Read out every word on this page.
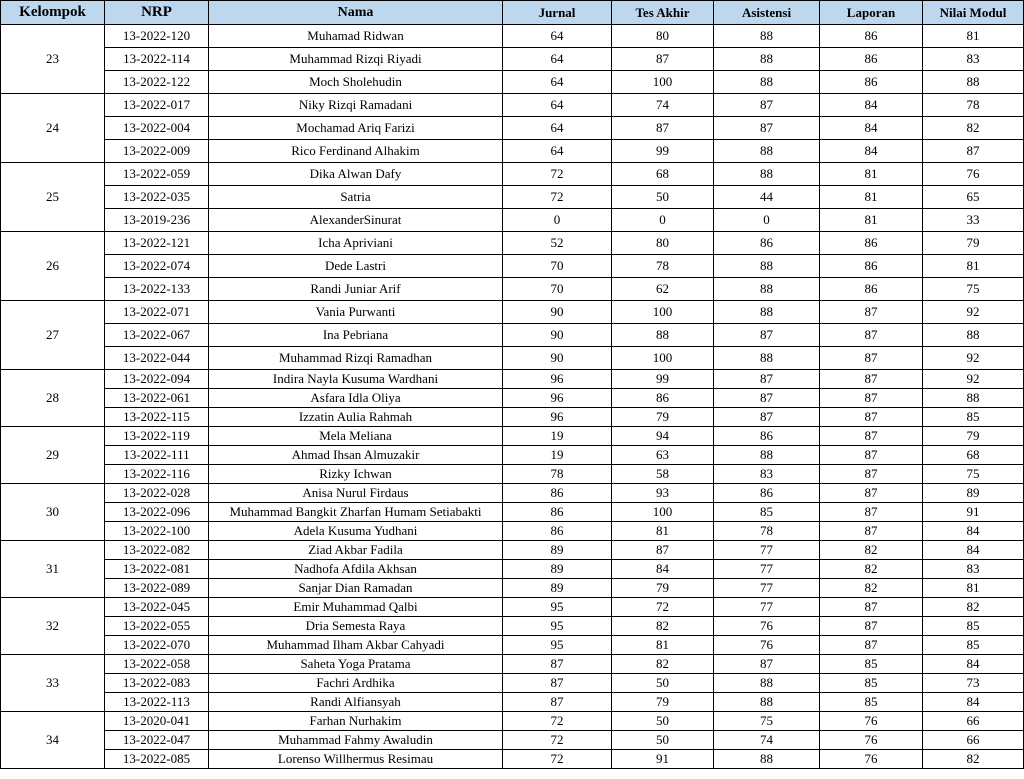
Kelompok	NRP	Nama	Jurnal	Tes Akhir	Asistensi	Laporan	Nilai Modul
23	13-2022-120	Muhamad Ridwan	64	80	88	86	81
	13-2022-114	Muhammad Rizqi Riyadi	64	87	88	86	83
	13-2022-122	Moch Sholehudin	64	100	88	86	88
24	13-2022-017	Niky Rizqi Ramadani	64	74	87	84	78
	13-2022-004	Mochamad Ariq Farizi	64	87	87	84	82
	13-2022-009	Rico Ferdinand Alhakim	64	99	88	84	87
25	13-2022-059	Dika Alwan Dafy	72	68	88	81	76
	13-2022-035	Satria	72	50	44	81	65
	13-2019-236	AlexanderSinurat	0	0	0	81	33
26	13-2022-121	Icha Apriviani	52	80	86	86	79
	13-2022-074	Dede Lastri	70	78	88	86	81
	13-2022-133	Randi Juniar Arif	70	62	88	86	75
27	13-2022-071	Vania Purwanti	90	100	88	87	92
	13-2022-067	Ina Pebriana	90	88	87	87	88
	13-2022-044	Muhammad Rizqi Ramadhan	90	100	88	87	92
28	13-2022-094	Indira Nayla Kusuma Wardhani	96	99	87	87	92
	13-2022-061	Asfara Idla Oliya	96	86	87	87	88
	13-2022-115	Izzatin Aulia Rahmah	96	79	87	87	85
29	13-2022-119	Mela Meliana	19	94	86	87	79
	13-2022-111	Ahmad Ihsan Almuzakir	19	63	88	87	68
	13-2022-116	Rizky Ichwan	78	58	83	87	75
30	13-2022-028	Anisa Nurul Firdaus	86	93	86	87	89
	13-2022-096	Muhammad Bangkit Zharfan Humam Setiabakti	86	100	85	87	91
	13-2022-100	Adela Kusuma Yudhani	86	81	78	87	84
31	13-2022-082	Ziad Akbar Fadila	89	87	77	82	84
	13-2022-081	Nadhofa Afdila Akhsan	89	84	77	82	83
	13-2022-089	Sanjar Dian Ramadan	89	79	77	82	81
32	13-2022-045	Emir Muhammad Qalbi	95	72	77	87	82
	13-2022-055	Dria Semesta Raya	95	82	76	87	85
	13-2022-070	Muhammad Ilham Akbar Cahyadi	95	81	76	87	85
33	13-2022-058	Saheta Yoga Pratama	87	82	87	85	84
	13-2022-083	Fachri Ardhika	87	50	88	85	73
	13-2022-113	Randi Alfiansyah	87	79	88	85	84
34	13-2020-041	Farhan Nurhakim	72	50	75	76	66
	13-2022-047	Muhammad Fahmy Awaludin	72	50	74	76	66
	13-2022-085	Lorenso Willhermus Resimau	72	91	88	76	82
